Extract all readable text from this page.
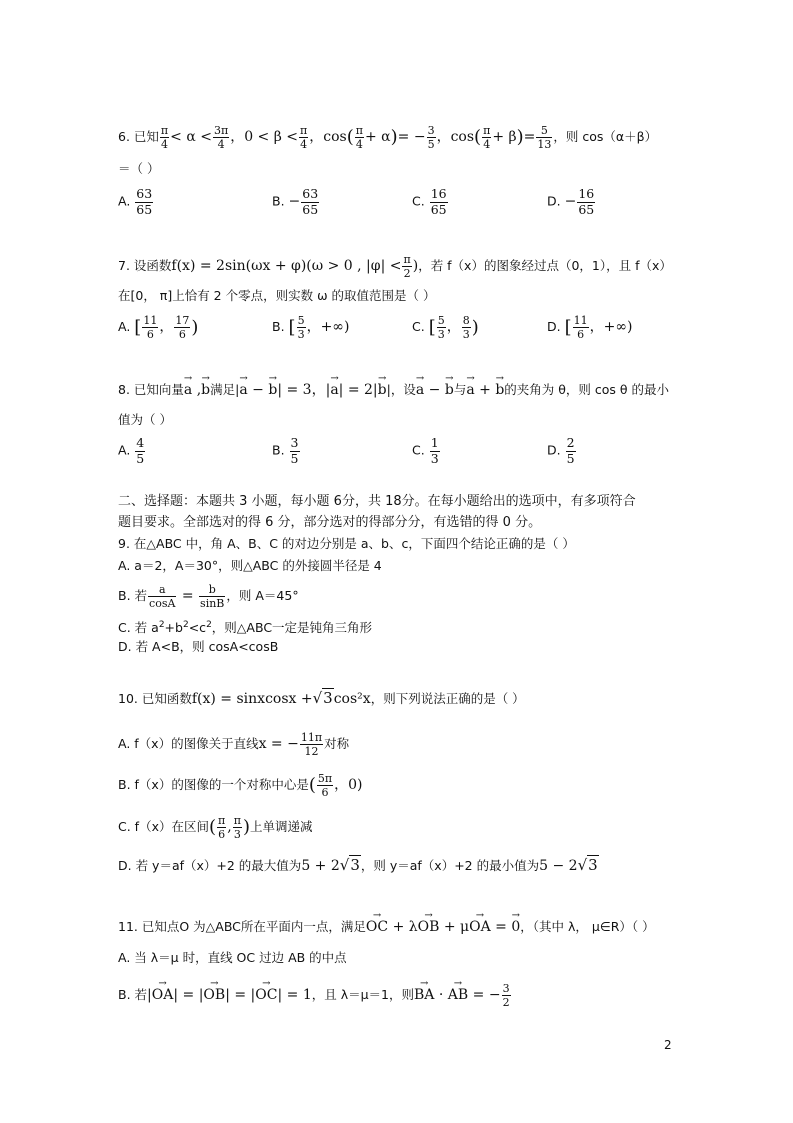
6. 已知 $\frac{\pi}{4} < \alpha < \frac{3\pi}{4}$ ，$0 < \beta < \frac{\pi}{4}$ ，$\cos( \frac{\pi}{4} + \alpha)= - \frac{3}{5}$ ，$\cos( \frac{\pi}{4} + \beta)= \frac{5}{13}$ ，则 cos（α＋β）
＝（ ）
A. $\frac{63}{65}$	B. − $\frac{63}{65}$	C. $\frac{16}{65}$	D. − $\frac{16}{65}$
7. 设函数f(x) = 2sin(ωx + φ)(ω > 0 , $|\varphi| < \frac{\pi}{2}$ )，若 f（x）的图象经过点（0，1），且 f（x）
在[0， π]上恰有 2 个零点，则实数 ω 的取值范围是（ ）
A. [ $\frac{11}{6}$ ， $\frac{17}{6}$ )	B. [ $\frac{5}{3}$ ，+∞)	C. [ $\frac{5}{3}$ ， $\frac{8}{3}$ )	D. [ $\frac{11}{6}$ ，+∞)
8. 已知向量→ a ,→ b满足|→ a − → b| = 3，|→ a| = 2|→ b|，设→ a − → b与→ a + → b的夹角为 θ，则 cos θ 的最小
值为（ ）
A. $\frac{4}{5}$	B. $\frac{3}{5}$	C. $\frac{1}{3}$	D. $\frac{2}{5}$
二、选择题：本题共 3 小题，每小题 6分，共 18分。在每小题给出的选项中，有多项符合
题目要求。全部选对的得 6 分，部分选对的得部分分，有选错的得 0 分。
9. 在△ABC 中，角 A、B、C 的对边分别是 a、b、c，下面四个结论正确的是（ ）
A. a＝2，A＝30°，则△ABC 的外接圆半径是 4
B. 若 $\frac{a}{\cos A} = \frac{b}{\sin B}$ ，则 A＝45°
C. 若 $a^2+b^2<c^2$，则△ABC一定是钝角三角形
D. 若 A<B，则 cosA<cosB
10. 已知函数f(x) = sinxcosx +√3cos²x，则下列说法正确的是（ ）
A. f（x）的图像关于直线x = − $\frac{11\pi}{12}$ 对称
B. f（x）的图像的一个对称中心是( $\frac{5\pi}{6}$ ，0)
C. f（x）在区间( $\frac{\pi}{6}$ , $\frac{\pi}{3}$ )上单调递减
D. 若 y＝af（x）+2 的最大值为5 + 2√3，则 y＝af（x）+2 的最小值为5 − 2√3
11. 已知点O 为△ABC所在平面内一点，满足→ OC + λ→ OB + μ→ OA = → 0，（其中 λ， μ∈R）（ ）
A. 当 λ＝μ 时，直线 OC 过边 AB 的中点
B. 若|→ OA| = |→ OB| = |→ OC| = 1，且 λ＝μ＝1，则→ BA · → AB = − $\frac{3}{2}$
2
